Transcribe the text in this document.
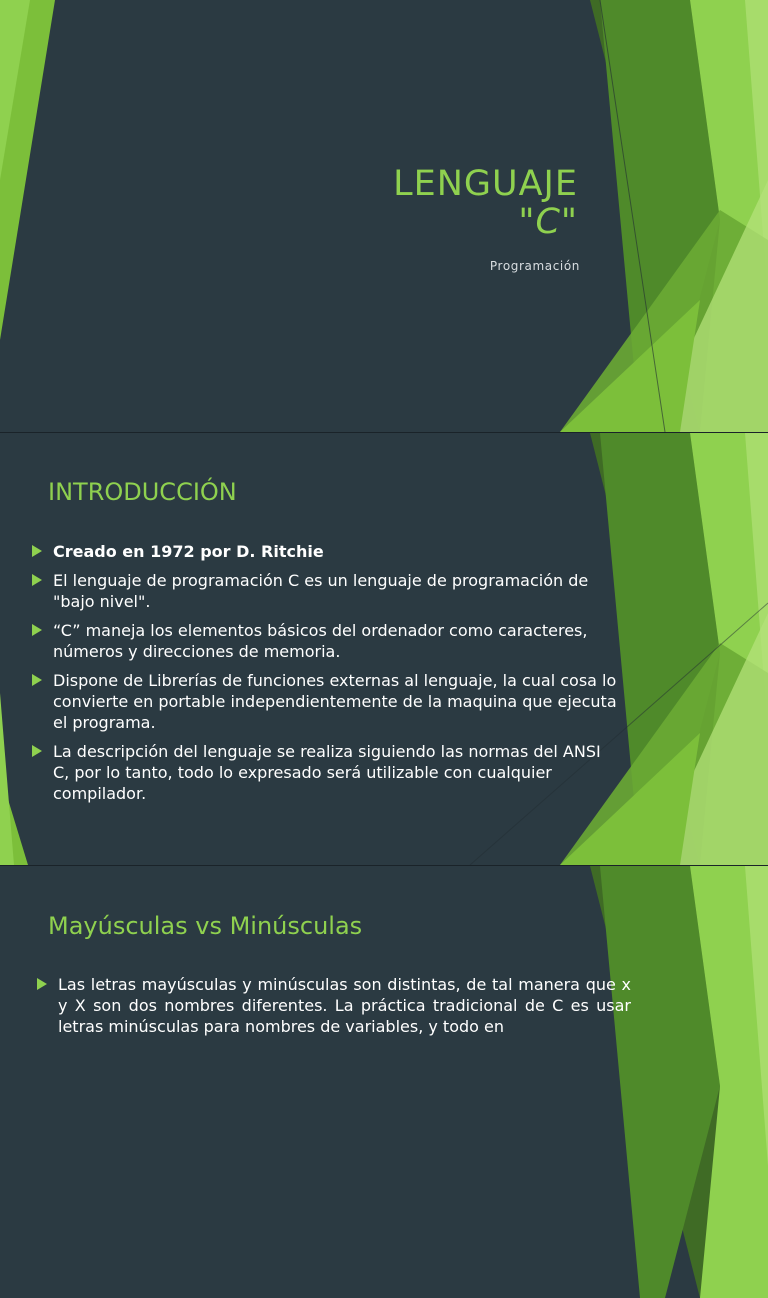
LENGUAJE
"C"
Programación
INTRODUCCIÓN
Creado en 1972 por D. Ritchie
El lenguaje de programación C es un lenguaje de programación de "bajo nivel".
“C” maneja los elementos básicos del ordenador como caracteres, números y direcciones de memoria.
Dispone de Librerías de funciones externas al lenguaje, la cual cosa lo convierte en portable independientemente de la maquina que ejecuta el programa.
La descripción del lenguaje se realiza siguiendo las normas del ANSI C, por lo tanto, todo lo expresado será utilizable con cualquier compilador.
Mayúsculas vs Minúsculas
Las letras mayúsculas y minúsculas son distintas, de tal manera que x y X son dos nombres diferentes. La práctica tradicional de C es usar letras minúsculas para nombres de variables, y todo en
